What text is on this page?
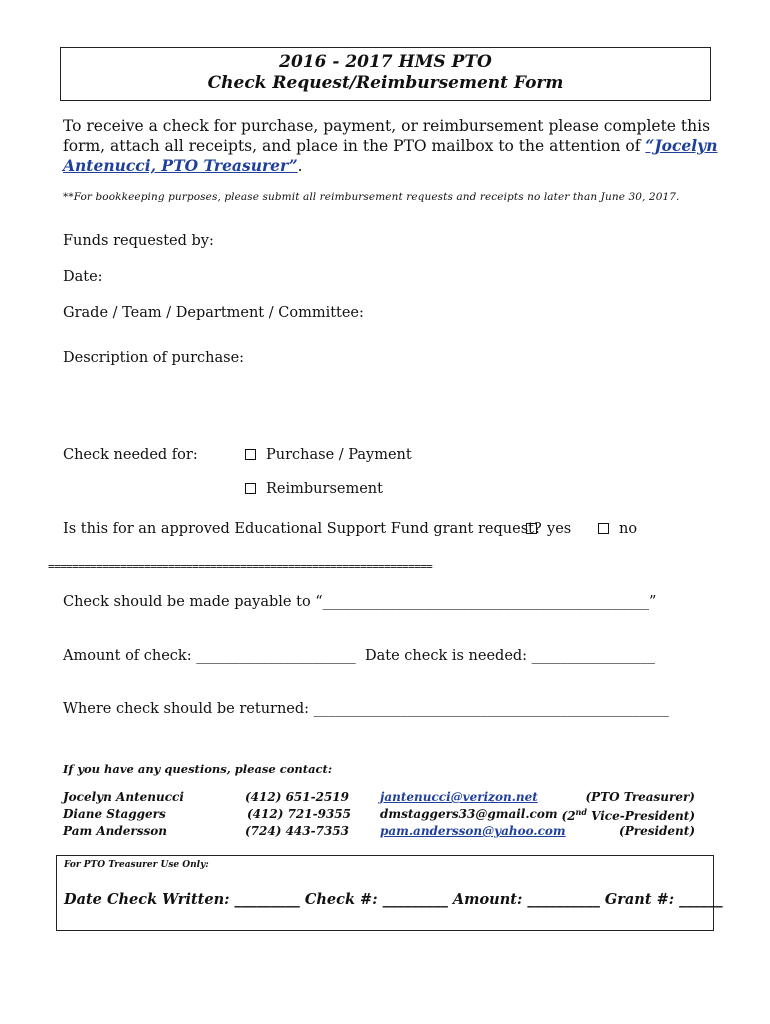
2016 - 2017 HMS PTO
Check Request/Reimbursement Form
To receive a check for purchase, payment, or reimbursement please complete this form, attach all receipts, and place in the PTO mailbox to the attention of “Jocelyn Antenucci, PTO Treasurer”.
**For bookkeeping purposes, please submit all reimbursement requests and receipts no later than June 30, 2017.
Funds requested by:
Date:
Grade / Team / Department / Committee:
Description of purchase:
Check needed for:	Purchase / Payment
Reimbursement
Is this for an approved Educational Support Fund grant request? yes	no
================================================================
Check should be made payable to “_____________________________________________”
Amount of check: ______________________ Date check is needed: _________________
Where check should be returned: _________________________________________________
If you have any questions, please contact:
Jocelyn Antenucci	(412) 651-2519	jantenucci@verizon.net	(PTO Treasurer)
Diane Staggers	(412) 721-9355 dmstaggers33@gmail.com (2nd Vice-President)
Pam Andersson	(724) 443-7353	pam.andersson@yahoo.com	(President)
For PTO Treasurer Use Only:
Date Check Written: _________ Check #: _________ Amount: __________ Grant #: ______
